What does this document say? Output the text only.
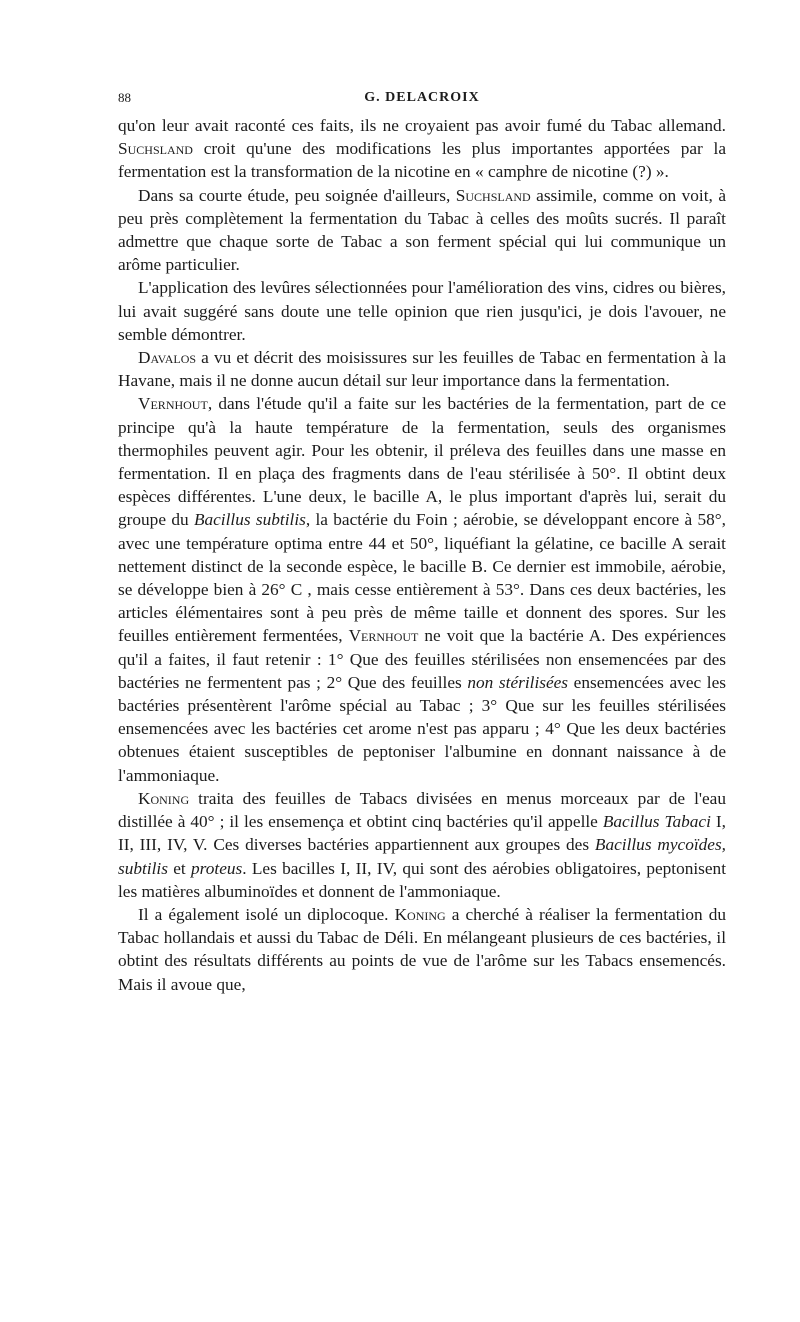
88	G. DELACROIX

qu'on leur avait raconté ces faits, ils ne croyaient pas avoir fumé du Tabac allemand. Suchsland croit qu'une des modifications les plus importantes apportées par la fermentation est la transformation de la nicotine en « camphre de nicotine (?) ».

Dans sa courte étude, peu soignée d'ailleurs, Suchsland assimile, comme on voit, à peu près complètement la fermentation du Tabac à celles des moûts sucrés. Il paraît admettre que chaque sorte de Tabac a son ferment spécial qui lui communique un arôme particulier.

L'application des levûres sélectionnées pour l'amélioration des vins, cidres ou bières, lui avait suggéré sans doute une telle opinion que rien jusqu'ici, je dois l'avouer, ne semble démontrer.

Davalos a vu et décrit des moisissures sur les feuilles de Tabac en fermentation à la Havane, mais il ne donne aucun détail sur leur importance dans la fermentation.

Vernhout, dans l'étude qu'il a faite sur les bactéries de la fermentation, part de ce principe qu'à la haute température de la fermentation, seuls des organismes thermophiles peuvent agir. Pour les obtenir, il préleva des feuilles dans une masse en fermentation. Il en plaça des fragments dans de l'eau stérilisée à 50°. Il obtint deux espèces différentes. L'une deux, le bacille A, le plus important d'après lui, serait du groupe du Bacillus subtilis, la bactérie du Foin ; aérobie, se développant encore à 58°, avec une température optima entre 44 et 50°, liquéfiant la gélatine, ce bacille A serait nettement distinct de la seconde espèce, le bacille B. Ce dernier est immobile, aérobie, se développe bien à 26° C , mais cesse entièrement à 53°. Dans ces deux bactéries, les articles élémentaires sont à peu près de même taille et donnent des spores. Sur les feuilles entièrement fermentées, Vernhout ne voit que la bactérie A. Des expériences qu'il a faites, il faut retenir : 1° Que des feuilles stérilisées non ensemencées par des bactéries ne fermentent pas ; 2° Que des feuilles non stérilisées ensemencées avec les bactéries présentèrent l'arôme spécial au Tabac ; 3° Que sur les feuilles stérilisées ensemencées avec les bactéries cet arome n'est pas apparu ; 4° Que les deux bactéries obtenues étaient susceptibles de peptoniser l'albumine en donnant naissance à de l'ammoniaque.

Koning traita des feuilles de Tabacs divisées en menus morceaux par de l'eau distillée à 40° ; il les ensemença et obtint cinq bactéries qu'il appelle Bacillus Tabaci I, II, III, IV, V. Ces diverses bactéries appartiennent aux groupes des Bacillus mycoïdes, subtilis et proteus. Les bacilles I, II, IV, qui sont des aérobies obligatoires, peptonisent les matières albuminoïdes et donnent de l'ammoniaque.

Il a également isolé un diplocoque. Koning a cherché à réaliser la fermentation du Tabac hollandais et aussi du Tabac de Déli. En mélangeant plusieurs de ces bactéries, il obtint des résultats différents au points de vue de l'arôme sur les Tabacs ensemencés. Mais il avoue que,
